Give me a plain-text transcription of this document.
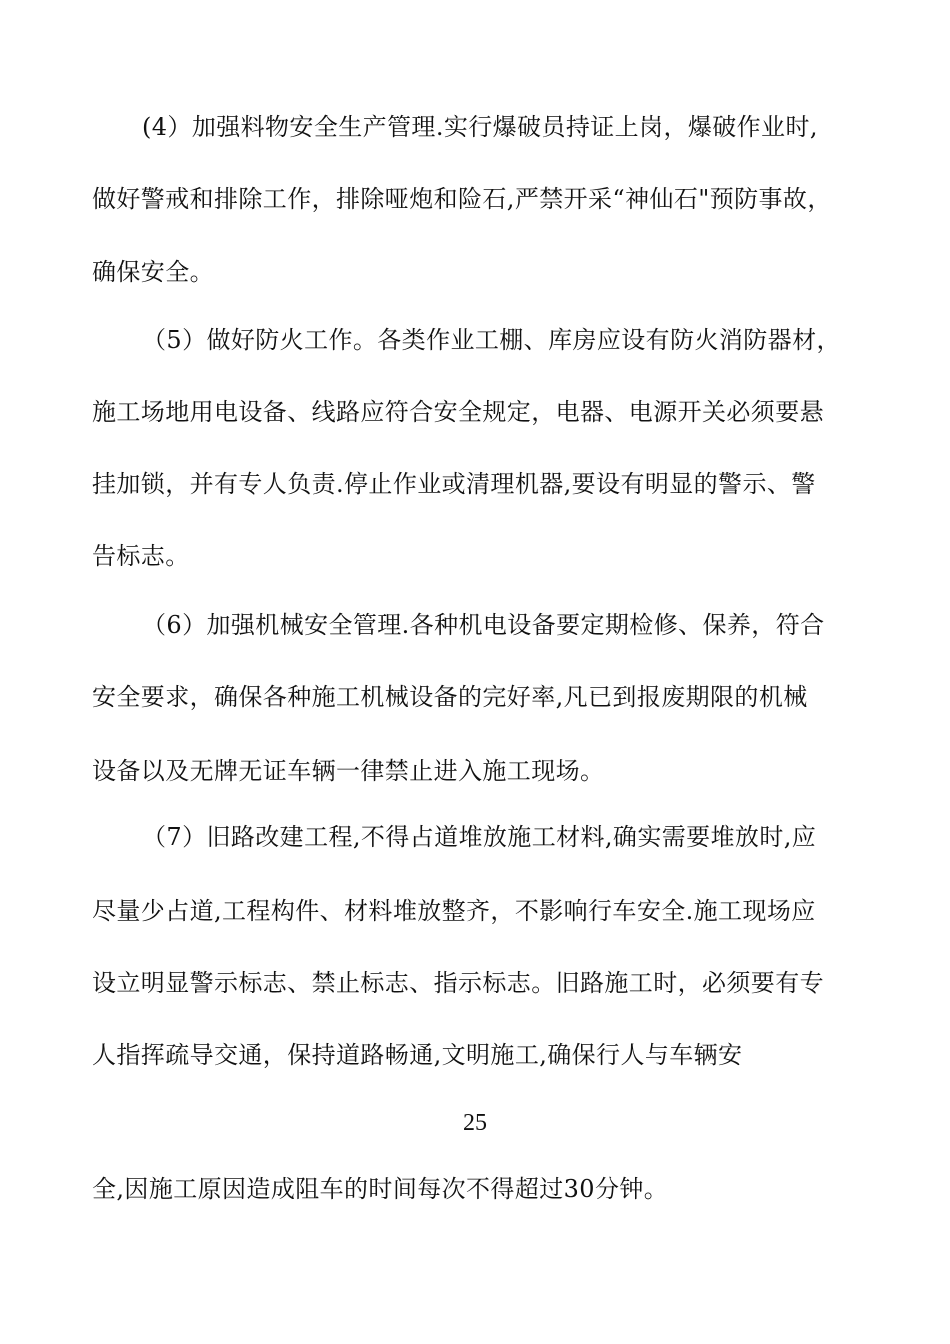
(4）加强料物安全生产管理.实行爆破员持证上岗，爆破作业时,
做好警戒和排除工作，排除哑炮和险石,严禁开采“神仙石"预防事故，
确保安全。
（5）做好防火工作。各类作业工棚、库房应设有防火消防器材，
施工场地用电设备、线路应符合安全规定，电器、电源开关必须要悬
挂加锁，并有专人负责.停止作业或清理机器,要设有明显的警示、警
告标志。
（6）加强机械安全管理.各种机电设备要定期检修、保养，符合
安全要求，确保各种施工机械设备的完好率,凡已到报废期限的机械
设备以及无牌无证车辆一律禁止进入施工现场。
（7）旧路改建工程,不得占道堆放施工材料,确实需要堆放时,应
尽量少占道,工程构件、材料堆放整齐，不影响行车安全.施工现场应
设立明显警示标志、禁止标志、指示标志。旧路施工时，必须要有专
人指挥疏导交通，保持道路畅通,文明施工,确保行人与车辆安
25
全,因施工原因造成阻车的时间每次不得超过30分钟。
